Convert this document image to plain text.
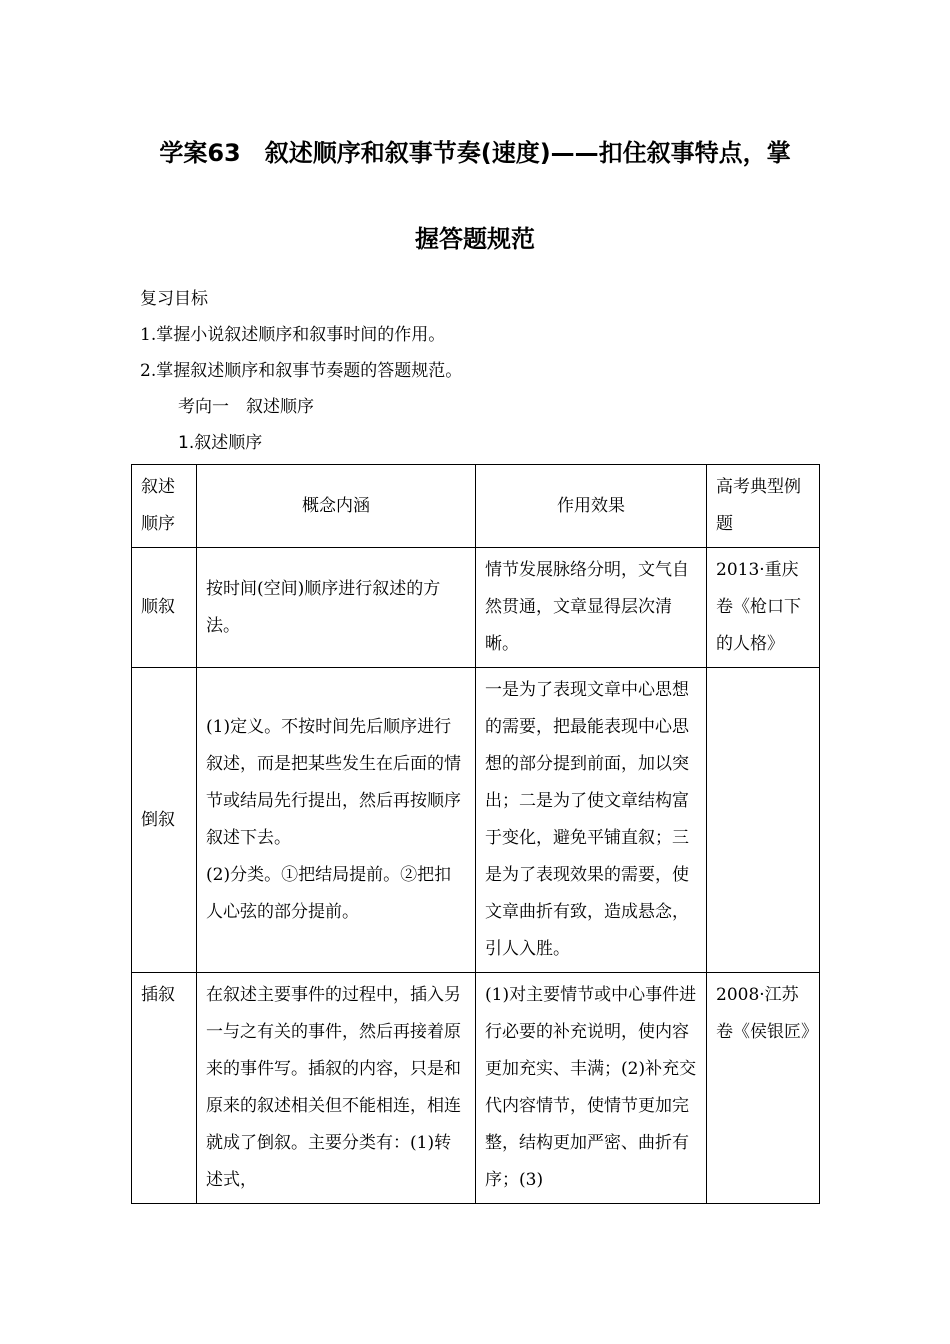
学案63　叙述顺序和叙事节奏(速度)——扣住叙事特点，掌
握答题规范
复习目标
1.掌握小说叙述顺序和叙事时间的作用。
2.掌握叙述顺序和叙事节奏题的答题规范。
考向一　叙述顺序
1.叙述顺序
叙述顺序	概念内涵	作用效果	高考典型例题
顺叙	按时间(空间)顺序进行叙述的方法。	情节发展脉络分明，文气自然贯通，文章显得层次清晰。	2013·重庆卷《枪口下的人格》
倒叙	(1)定义。不按时间先后顺序进行叙述，而是把某些发生在后面的情节或结局先行提出，然后再按顺序叙述下去。
(2)分类。①把结局提前。②把扣人心弦的部分提前。	一是为了表现文章中心思想的需要，把最能表现中心思想的部分提到前面，加以突出；二是为了使文章结构富于变化，避免平铺直叙；三是为了表现效果的需要，使文章曲折有致，造成悬念，引人入胜。	
插叙	在叙述主要事件的过程中，插入另一与之有关的事件，然后再接着原来的事件写。插叙的内容，只是和原来的叙述相关但不能相连，相连就成了倒叙。主要分类有：(1)转述式，	(1)对主要情节或中心事件进行必要的补充说明，使内容更加充实、丰满；(2)补充交代内容情节，使情节更加完整，结构更加严密、曲折有序；(3)	2008·江苏卷《侯银匠》
